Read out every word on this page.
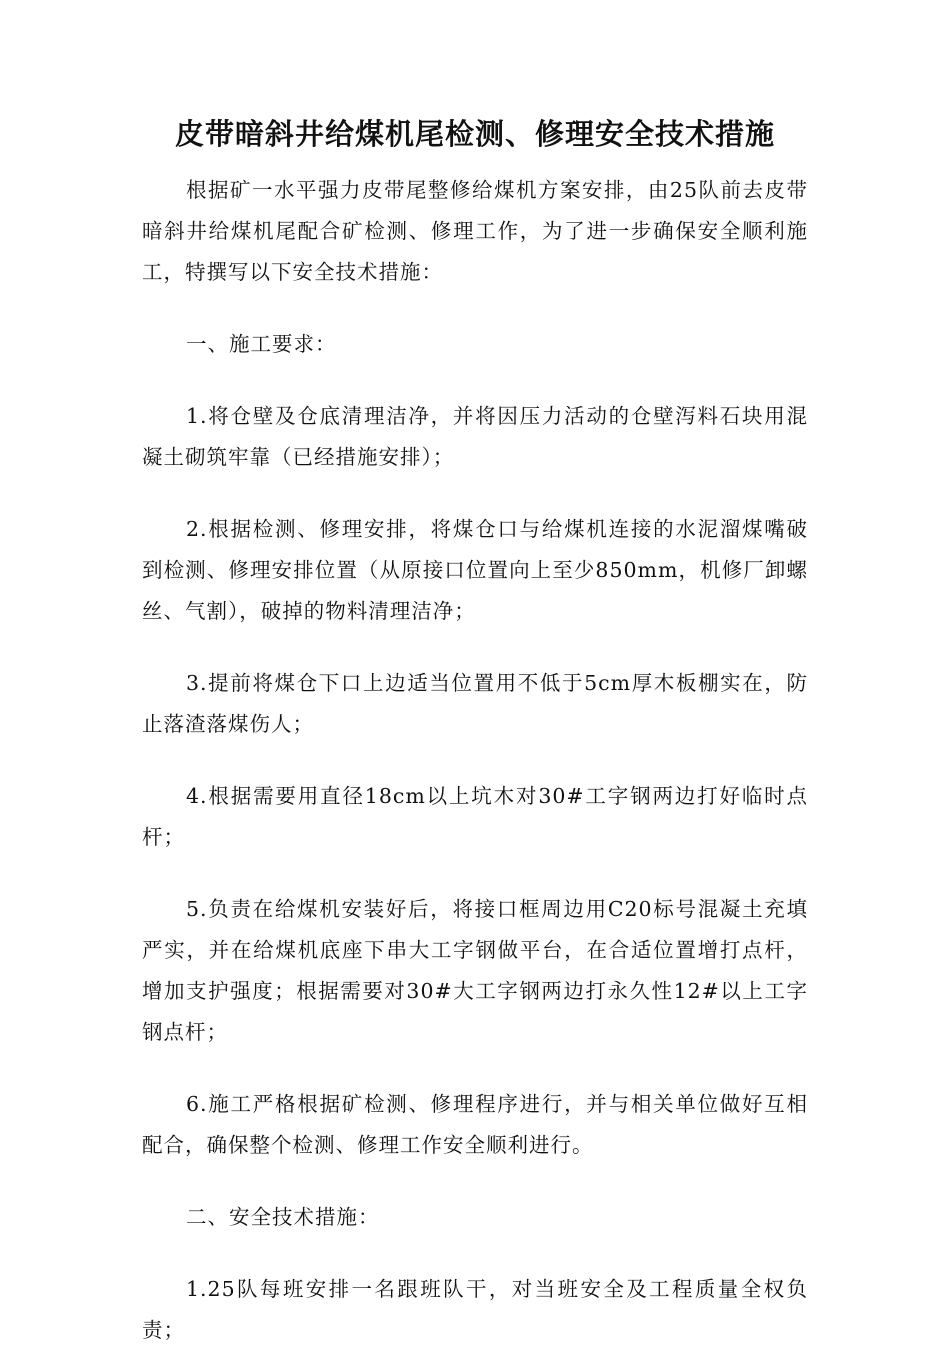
皮带暗斜井给煤机尾检测、修理安全技术措施

根据矿一水平强力皮带尾整修给煤机方案安排，由25队前去皮带暗斜井给煤机尾配合矿检测、修理工作，为了进一步确保安全顺利施工，特撰写以下安全技术措施：

一、施工要求：

1.将仓壁及仓底清理洁净，并将因压力活动的仓壁泻料石块用混凝土砌筑牢靠（已经措施安排）；

2.根据检测、修理安排，将煤仓口与给煤机连接的水泥溜煤嘴破到检测、修理安排位置（从原接口位置向上至少850mm，机修厂卸螺丝、气割），破掉的物料清理洁净；

3.提前将煤仓下口上边适当位置用不低于5cm厚木板棚实在，防止落渣落煤伤人；

4.根据需要用直径18cm以上坑木对30#工字钢两边打好临时点杆；

5.负责在给煤机安装好后，将接口框周边用C20标号混凝土充填严实，并在给煤机底座下串大工字钢做平台，在合适位置增打点杆，增加支护强度；根据需要对30#大工字钢两边打永久性12#以上工字钢点杆；

6.施工严格根据矿检测、修理程序进行，并与相关单位做好互相配合，确保整个检测、修理工作安全顺利进行。

二、安全技术措施：

1.25队每班安排一名跟班队干，对当班安全及工程质量全权负责；
